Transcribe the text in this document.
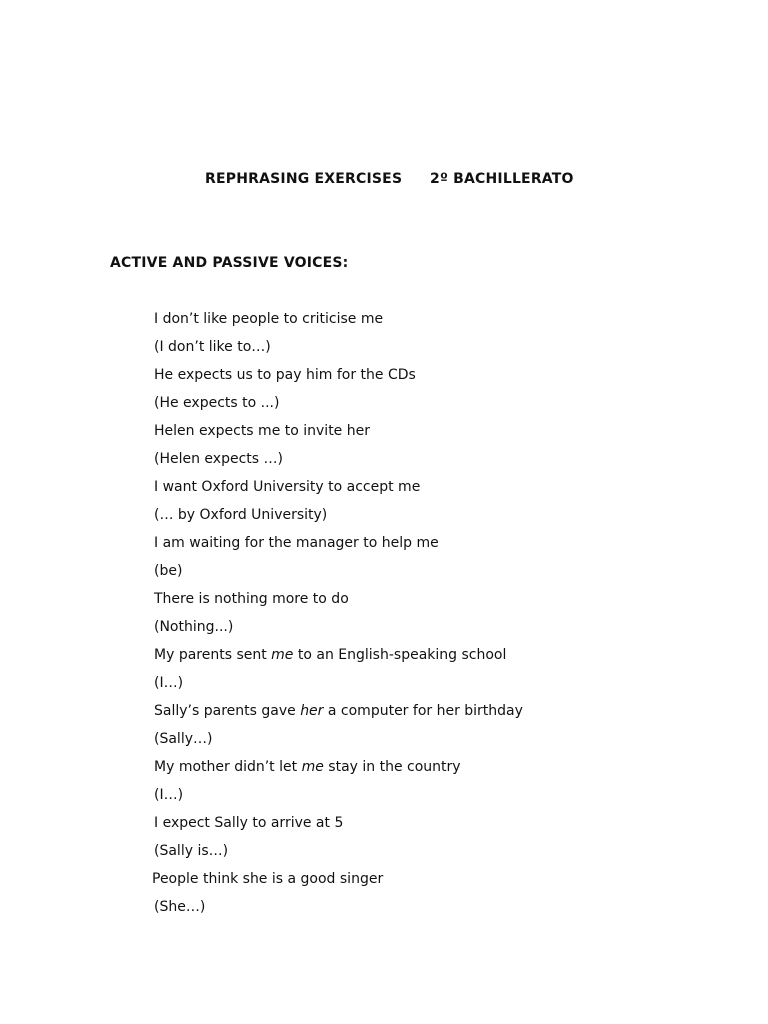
REPHRASING EXERCISES 2º BACHILLERATO
ACTIVE AND PASSIVE VOICES:
I don’t like people to criticise me
(I don’t like to…)
He expects us to pay him for the CDs
(He expects to ...)
Helen expects me to invite her
(Helen expects …)
I want Oxford University to accept me
(… by Oxford University)
I am waiting for the manager to help me
(be)
There is nothing more to do
(Nothing...)
My parents sent me to an English-speaking school
(I…)
Sally’s parents gave her a computer for her birthday
(Sally…)
My mother didn’t let me stay in the country
(I…)
I expect Sally to arrive at 5
(Sally is…)
People think she is a good singer
(She…)
